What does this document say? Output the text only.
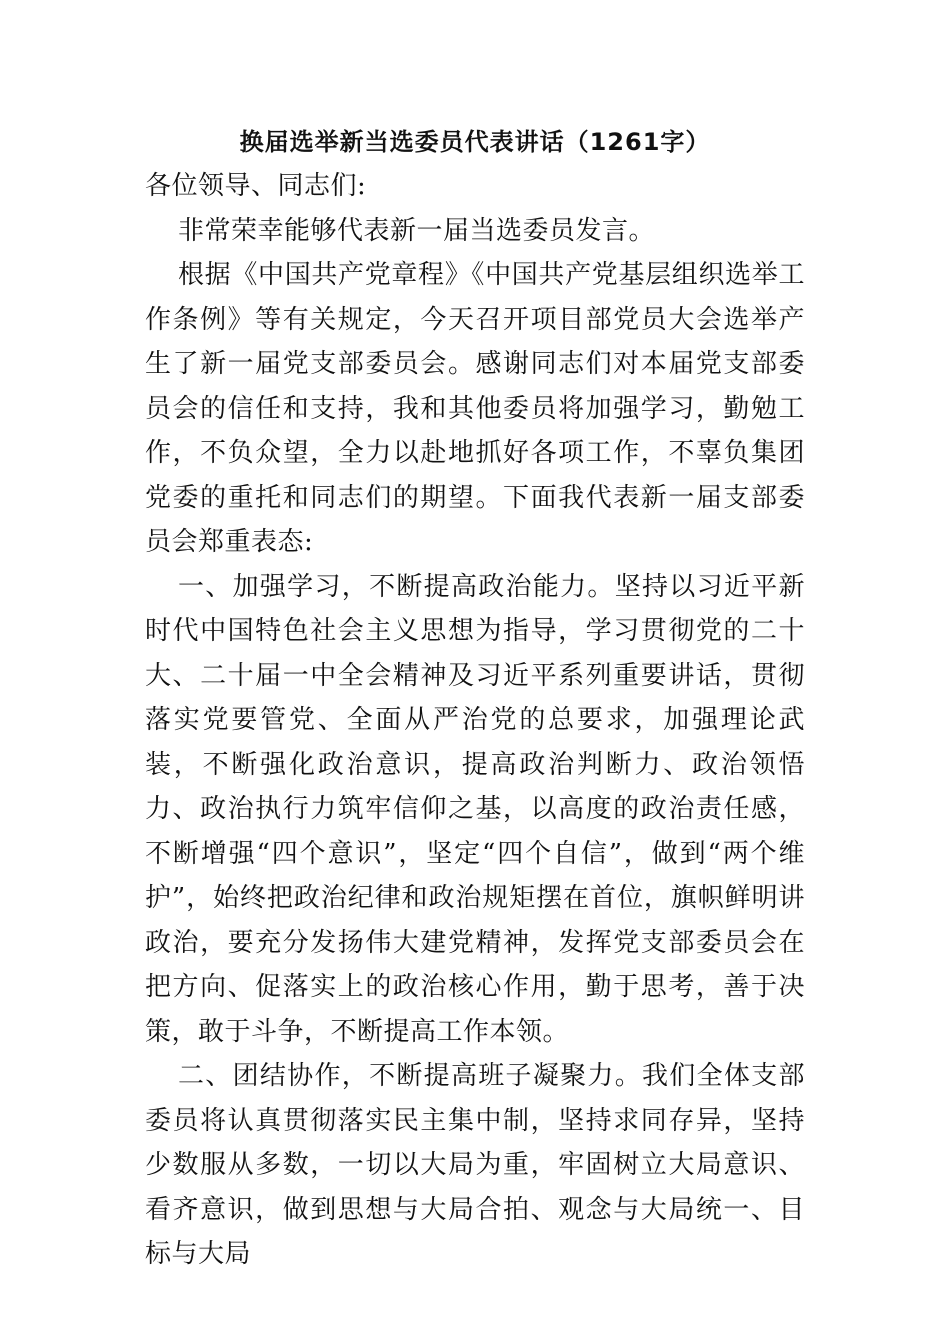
换届选举新当选委员代表讲话（1261字）

各位领导、同志们:

非常荣幸能够代表新一届当选委员发言。

根据《中国共产党章程》《中国共产党基层组织选举工作条例》等有关规定，今天召开项目部党员大会选举产生了新一届党支部委员会。感谢同志们对本届党支部委员会的信任和支持，我和其他委员将加强学习，勤勉工作，不负众望，全力以赴地抓好各项工作，不辜负集团党委的重托和同志们的期望。下面我代表新一届支部委员会郑重表态:

一、加强学习，不断提高政治能力。坚持以习近平新时代中国特色社会主义思想为指导，学习贯彻党的二十大、二十届一中全会精神及习近平系列重要讲话，贯彻落实党要管党、全面从严治党的总要求，加强理论武装，不断强化政治意识，提高政治判断力、政治领悟力、政治执行力筑牢信仰之基，以高度的政治责任感，不断增强“四个意识”，坚定“四个自信”，做到“两个维护”，始终把政治纪律和政治规矩摆在首位，旗帜鲜明讲政治，要充分发扬伟大建党精神，发挥党支部委员会在把方向、促落实上的政治核心作用，勤于思考，善于决策，敢于斗争，不断提高工作本领。

二、团结协作，不断提高班子凝聚力。我们全体支部委员将认真贯彻落实民主集中制，坚持求同存异，坚持少数服从多数，一切以大局为重，牢固树立大局意识、看齐意识，做到思想与大局合拍、观念与大局统一、目标与大局
